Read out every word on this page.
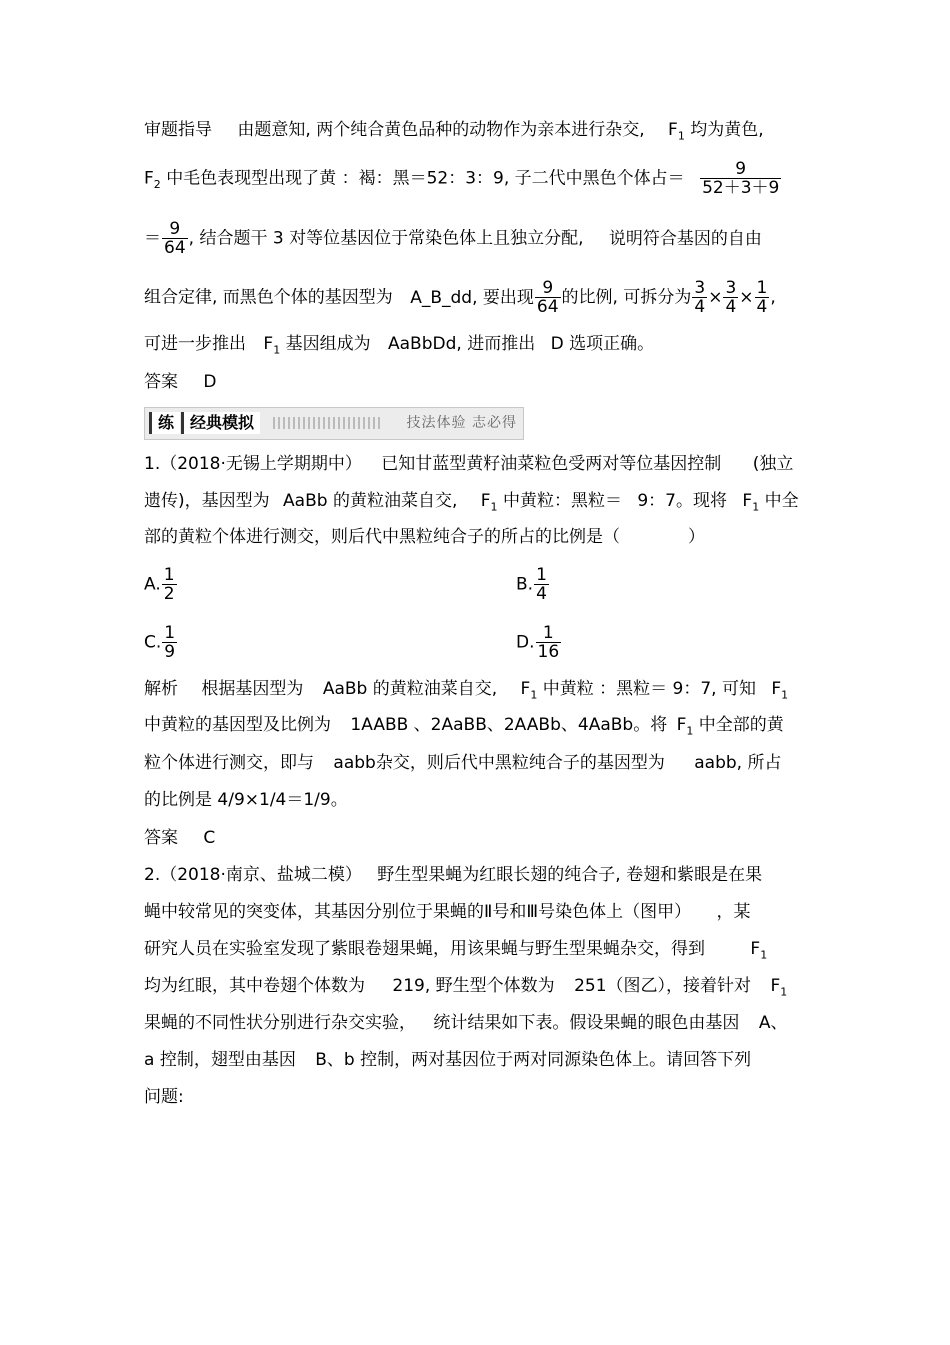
审题指导 由题意知, 两个纯合黄色品种的动物作为亲本进行杂交, $F_1$ 均为黄色,
$F_2$ 中毛色表现型出现了黄 ：褐：黑＝52：3：9, 子二代中黑色个体占＝ $\frac{9}{52+3+9}$
＝ $\frac{9}{64}$ , 结合题干 3 对等位基因位于常染色体上且独立分配, 说明符合基因的自由
组合定律, 而黑色个体的基因型为 A_B_dd, 要出现 $\frac{9}{64}$ 的比例, 可拆分为 $\frac{3}{4} \times \frac{3}{4} \times \frac{1}{4}$ ,
可进一步推出 $F_1$ 基因组成为 AaBbDd, 进而推出 D 选项正确。
答案 D
练 经典模拟	技法体验 志必得
1.（2018·无锡上学期期中） 已知甘蓝型黄籽油菜粒色受两对等位基因控制 (独立
遗传)，基因型为 AaBb 的黄粒油菜自交, $F_1$ 中黄粒：黑粒＝ 9：7。现将 $F_1$ 中全
部的黄粒个体进行测交，则后代中黑粒纯合子的所占的比例是（　　　　）
A. $\frac{1}{2}$	B. $\frac{1}{4}$
C. $\frac{1}{9}$	D. $\frac{1}{16}$
解析 根据基因型为 AaBb 的黄粒油菜自交, $F_1$ 中黄粒 ：黑粒＝ 9：7, 可知 $F_1$
中黄粒的基因型及比例为 1AABB 、2AaBB、2AABb、4AaBb。将 $F_1$ 中全部的黄
粒个体进行测交，即与 aabb杂交，则后代中黑粒纯合子的基因型为 aabb, 所占
的比例是 4/9×1/4＝1/9。
答案 C
2.（2018·南京、盐城二模） 野生型果蝇为红眼长翅的纯合子, 卷翅和紫眼是在果
蝇中较常见的突变体，其基因分别位于果蝇的Ⅱ号和Ⅲ号染色体上（图甲） ，某
研究人员在实验室发现了紫眼卷翅果蝇，用该果蝇与野生型果蝇杂交，得到	$F_1$
均为红眼，其中卷翅个体数为 219, 野生型个体数为 251（图乙），接着针对 $F_1$
果蝇的不同性状分别进行杂交实验， 统计结果如下表。假设果蝇的眼色由基因 A、
a 控制，翅型由基因 B、b 控制，两对基因位于两对同源染色体上。请回答下列
问题:
